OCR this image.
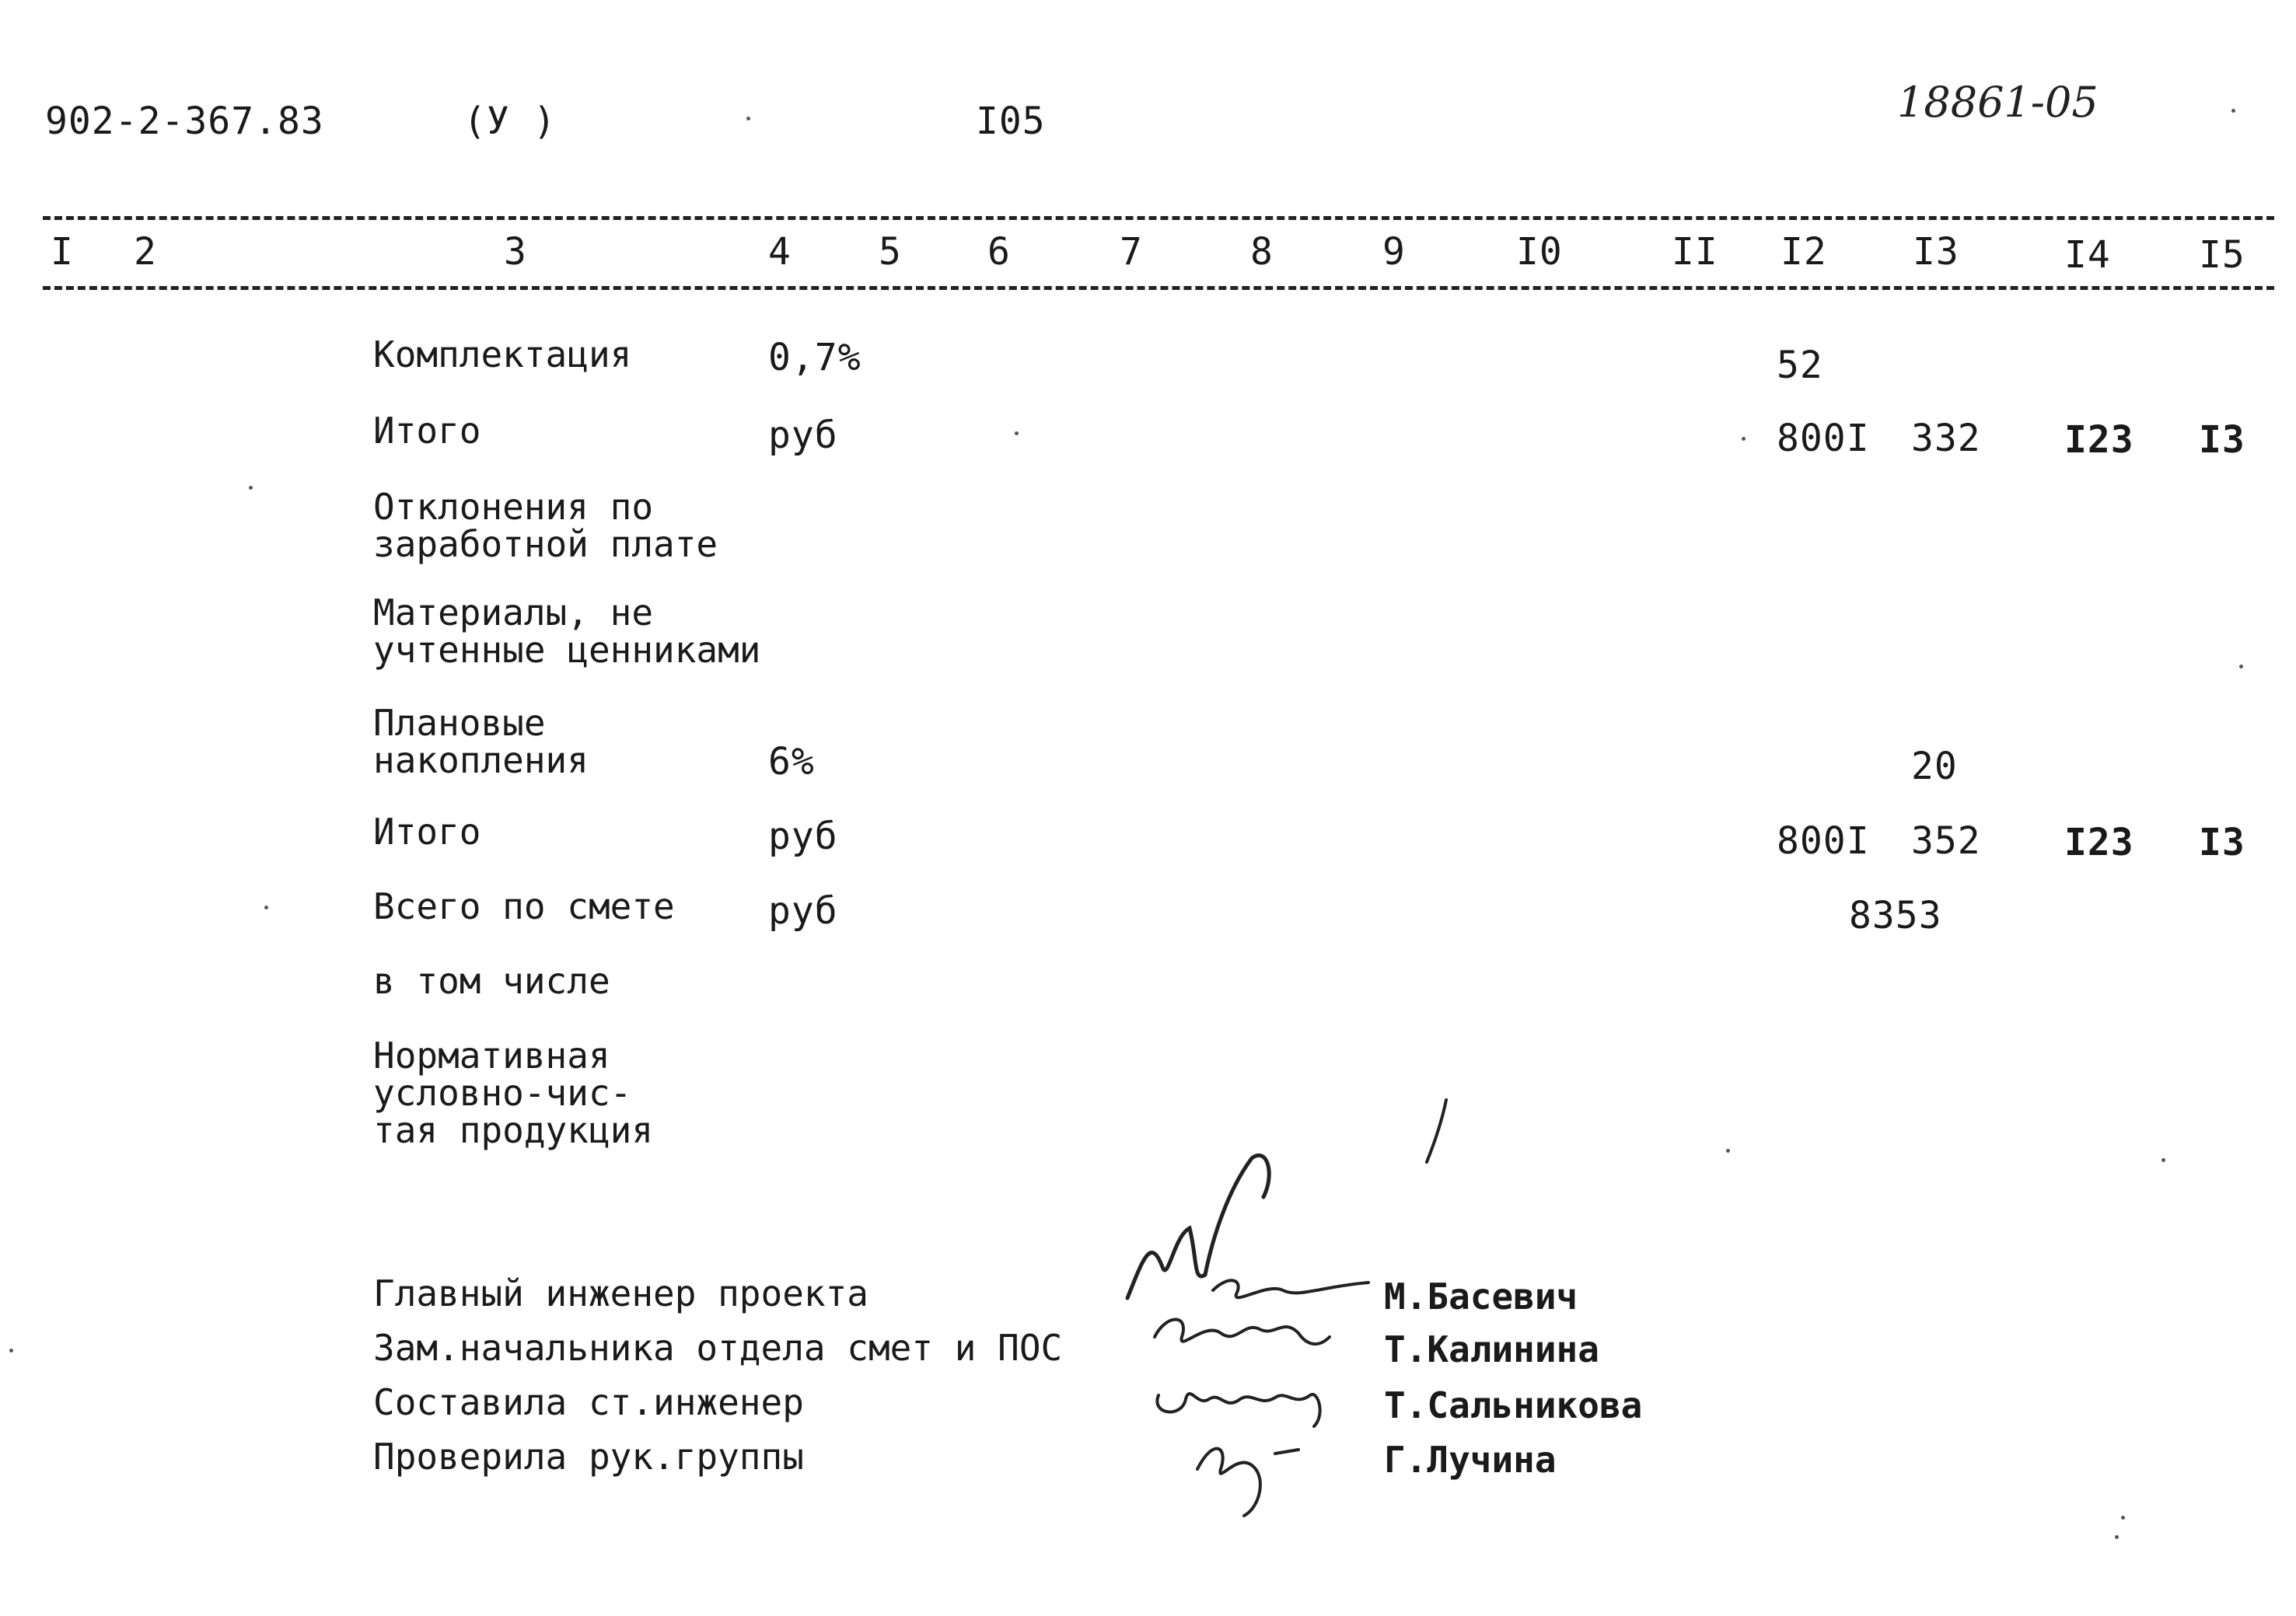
902-2-367.83	(У )	I05	18861-05
I 2	3	4 5 6	7	8	9	I0	II I2 I3	I4 I5
Комплектация	0,7%	52
Итого	руб	800I 332 I23 I3
Отклонения по
заработной плате
Материалы, не
учтенные ценниками
Плановые
накопления	6%	20
Итого	руб	800I 352 I23 I3
Всего по смете	руб	8353
в том числе
Нормативная
условно-чис-
тая продукция
Главный инженер проекта	М.Басевич
Зам.начальника отдела смет и ПОС	Т.Калинина
Составила ст.инженер	Т.Сальникова
Проверила рук.группы	Г.Лучина
